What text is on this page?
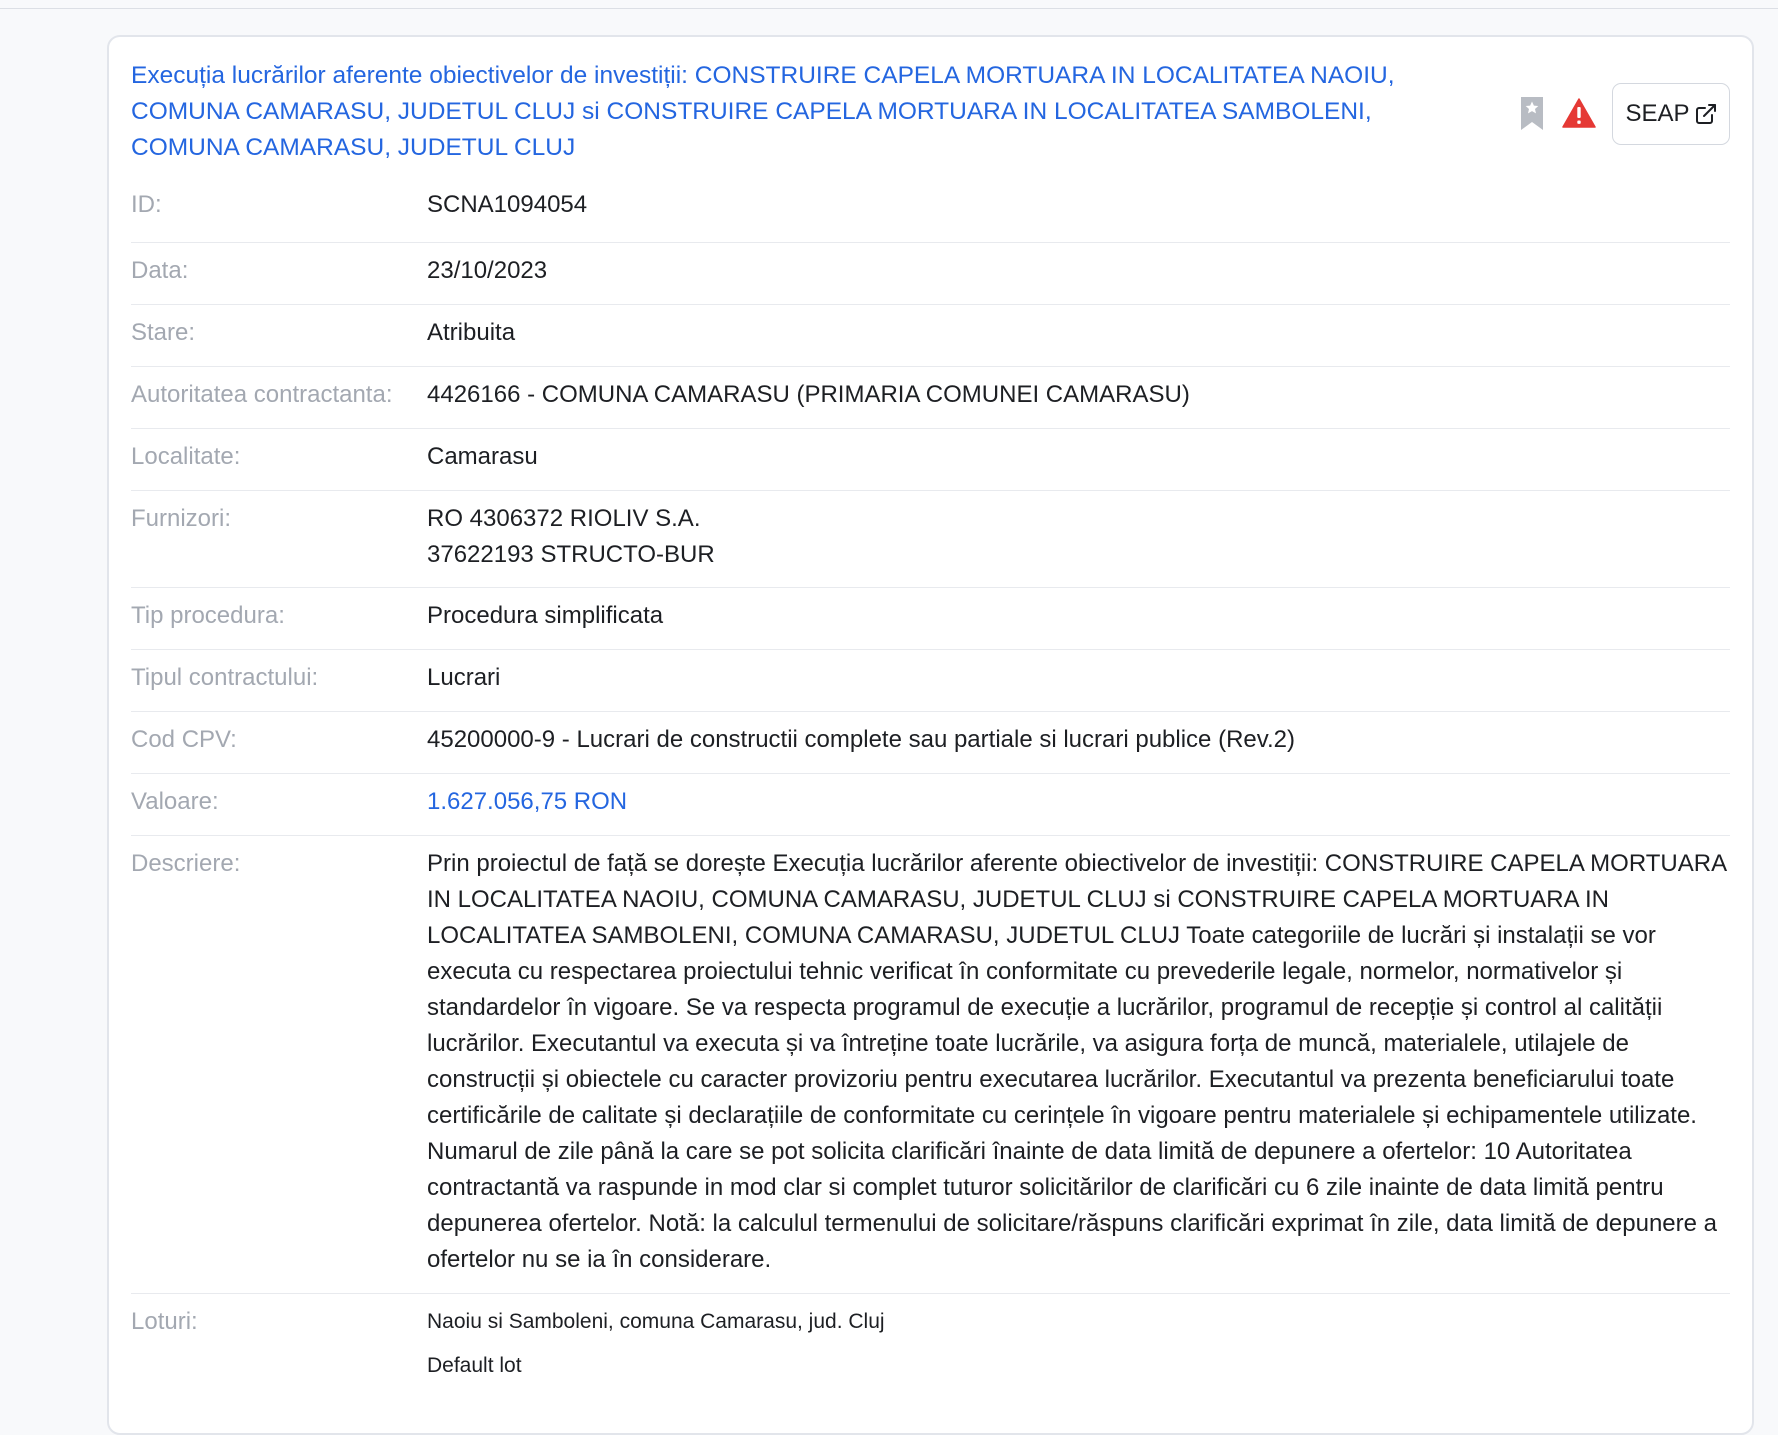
Execuția lucrărilor aferente obiectivelor de investiții: CONSTRUIRE CAPELA MORTUARA IN LOCALITATEA NAOIU, COMUNA CAMARASU, JUDETUL CLUJ si CONSTRUIRE CAPELA MORTUARA IN LOCALITATEA SAMBOLENI, COMUNA CAMARASU, JUDETUL CLUJ
SEAP
ID:	SCNA1094054
Data:	23/10/2023
Stare:	Atribuita
Autoritatea contractanta: 4426166 - COMUNA CAMARASU (PRIMARIA COMUNEI CAMARASU)
Localitate:	Camarasu
Furnizori:	RO 4306372 RIOLIV S.A.
37622193 STRUCTO-BUR
Tip procedura:	Procedura simplificata
Tipul contractului:	Lucrari
Cod CPV:	45200000-9 - Lucrari de constructii complete sau partiale si lucrari publice (Rev.2)
Valoare:	1.627.056,75 RON
Descriere:	Prin proiectul de față se dorește Execuția lucrărilor aferente obiectivelor de investiții: CONSTRUIRE CAPELA MORTUARA IN LOCALITATEA NAOIU, COMUNA CAMARASU, JUDETUL CLUJ si CONSTRUIRE CAPELA MORTUARA IN LOCALITATEA SAMBOLENI, COMUNA CAMARASU, JUDETUL CLUJ Toate categoriile de lucrări și instalații se vor executa cu respectarea proiectului tehnic verificat în conformitate cu prevederile legale, normelor, normativelor și standardelor în vigoare. Se va respecta programul de execuție a lucrărilor, programul de recepție și control al calității lucrărilor. Executantul va executa și va întreține toate lucrările, va asigura forța de muncă, materialele, utilajele de construcții și obiectele cu caracter provizoriu pentru executarea lucrărilor. Executantul va prezenta beneficiarului toate certificările de calitate și declarațiile de conformitate cu cerințele în vigoare pentru materialele și echipamentele utilizate. Numarul de zile până la care se pot solicita clarificări înainte de data limită de depunere a ofertelor: 10 Autoritatea contractantă va raspunde in mod clar si complet tuturor solicitărilor de clarificări cu 6 zile inainte de data limită pentru depunerea ofertelor. Notă: la calculul termenului de solicitare/răspuns clarificări exprimat în zile, data limită de depunere a ofertelor nu se ia în considerare.
Loturi:	Naoiu si Samboleni, comuna Camarasu, jud. Cluj
Default lot
